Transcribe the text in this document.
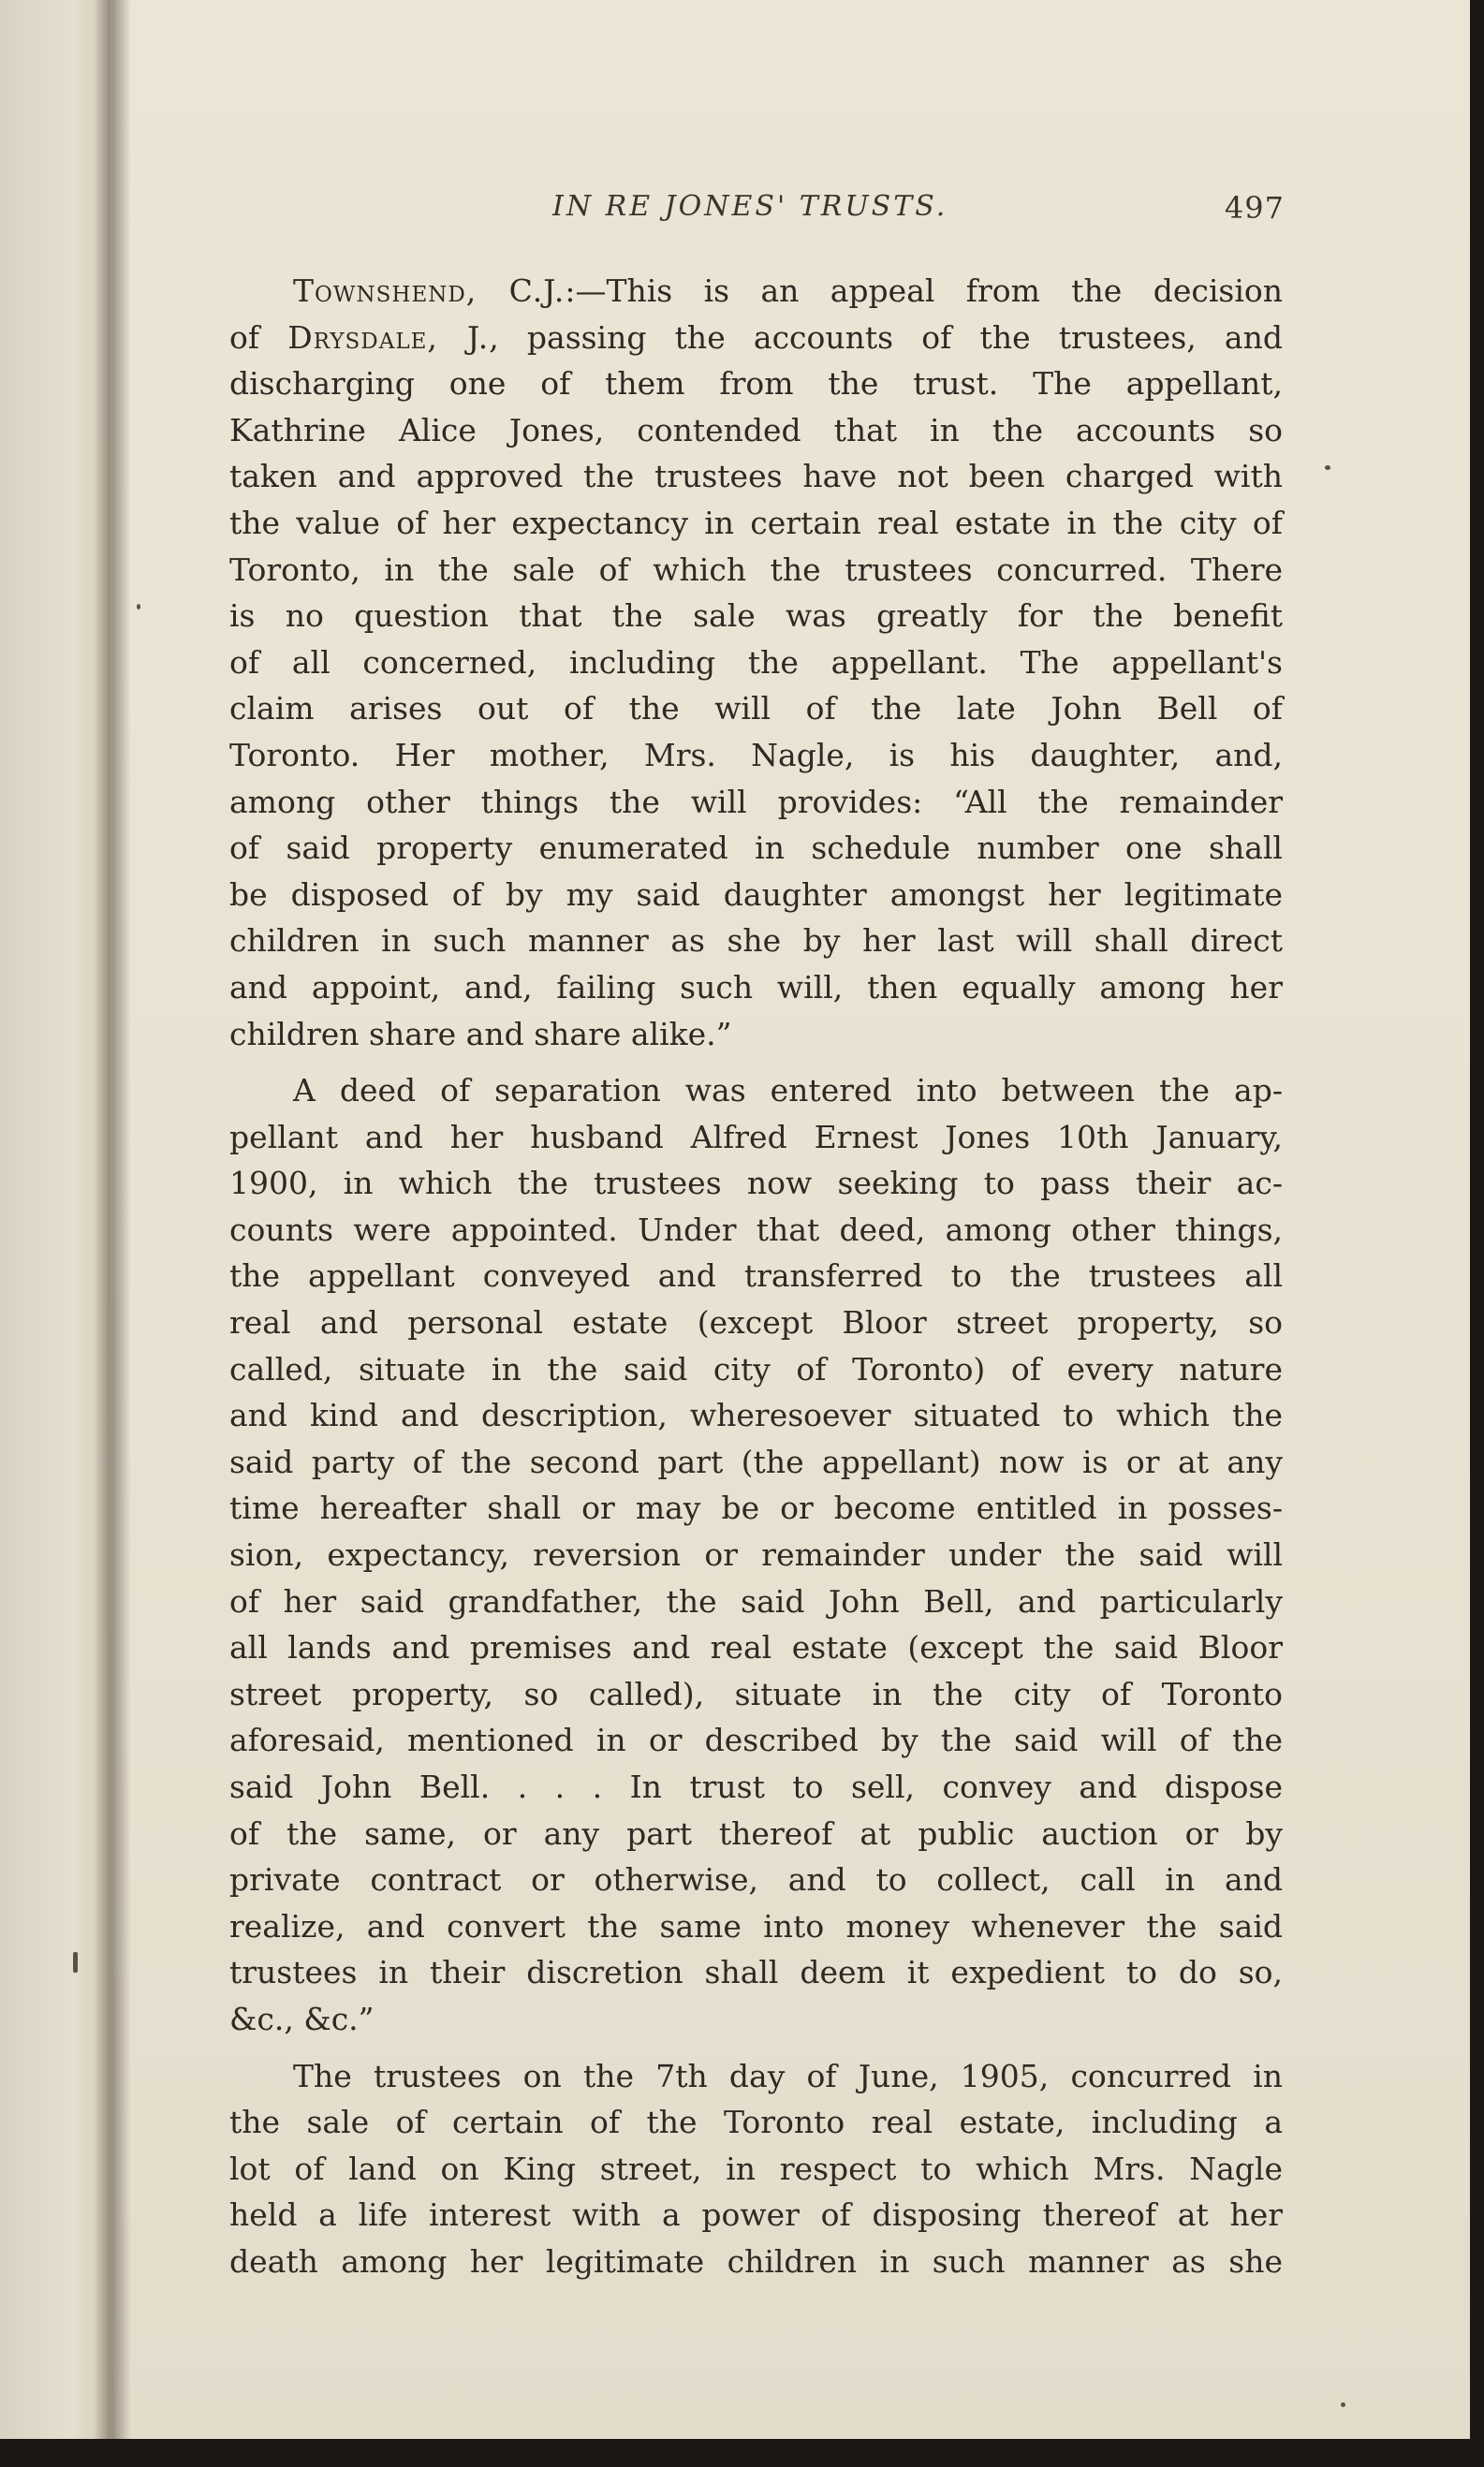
IN RE JONES' TRUSTS.	497

Townshend, C.J.:—This is an appeal from the decision
of Drysdale, J., passing the accounts of the trustees, and
discharging one of them from the trust. The appellant,
Kathrine Alice Jones, contended that in the accounts so
taken and approved the trustees have not been charged with
the value of her expectancy in certain real estate in the city of
Toronto, in the sale of which the trustees concurred. There
is no question that the sale was greatly for the benefit
of all concerned, including the appellant. The appellant's
claim arises out of the will of the late John Bell of
Toronto. Her mother, Mrs. Nagle, is his daughter, and,
among other things the will provides: “All the remainder
of said property enumerated in schedule number one shall
be disposed of by my said daughter amongst her legitimate
children in such manner as she by her last will shall direct
and appoint, and, failing such will, then equally among her
children share and share alike.”

A deed of separation was entered into between the ap-
pellant and her husband Alfred Ernest Jones 10th January,
1900, in which the trustees now seeking to pass their ac-
counts were appointed. Under that deed, among other things,
the appellant conveyed and transferred to the trustees all
real and personal estate (except Bloor street property, so
called, situate in the said city of Toronto) of every nature
and kind and description, wheresoever situated to which the
said party of the second part (the appellant) now is or at any
time hereafter shall or may be or become entitled in posses-
sion, expectancy, reversion or remainder under the said will
of her said grandfather, the said John Bell, and particularly
all lands and premises and real estate (except the said Bloor
street property, so called), situate in the city of Toronto
aforesaid, mentioned in or described by the said will of the
said John Bell. . . . In trust to sell, convey and dispose
of the same, or any part thereof at public auction or by
private contract or otherwise, and to collect, call in and
realize, and convert the same into money whenever the said
trustees in their discretion shall deem it expedient to do so,
&c., &c.”

The trustees on the 7th day of June, 1905, concurred in
the sale of certain of the Toronto real estate, including a
lot of land on King street, in respect to which Mrs. Nagle
held a life interest with a power of disposing thereof at her
death among her legitimate children in such manner as she
